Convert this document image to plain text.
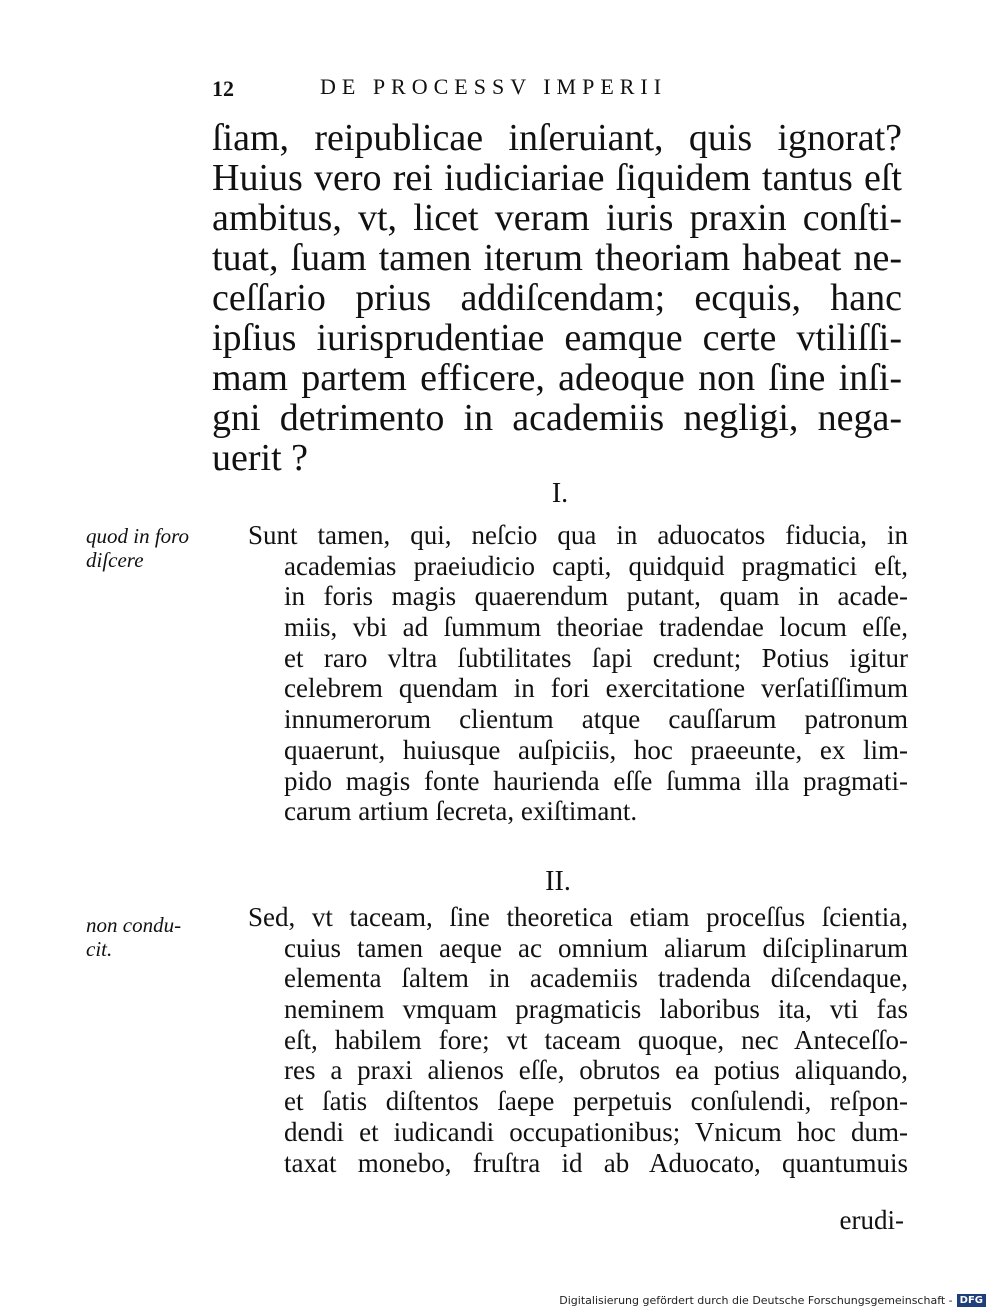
12	DE PROCESSV IMPERII
ſiam, reipublicae inſeruiant, quis ignorat?
Huius vero rei iudiciariae ſiquidem tantus eſt
ambitus, vt, licet veram iuris praxin conſti-
tuat, ſuam tamen iterum theoriam habeat ne-
ceſſario prius addiſcendam; ecquis, hanc
ipſius iurisprudentiae eamque certe vtiliſſi-
mam partem efficere, adeoque non ſine inſi-
gni detrimento in academiis negligi, nega-
uerit ?
I.
quod in foro
diſcere
Sunt tamen, qui, neſcio qua in aduocatos fiducia, in
academias praeiudicio capti, quidquid pragmatici eſt,
in foris magis quaerendum putant, quam in acade-
miis, vbi ad ſummum theoriae tradendae locum eſſe,
et raro vltra ſubtilitates ſapi credunt; Potius igitur
celebrem quendam in fori exercitatione verſatiſſimum
innumerorum clientum atque cauſſarum patronum
quaerunt, huiusque auſpiciis, hoc praeeunte, ex lim-
pido magis fonte haurienda eſſe ſumma illa pragmati-
carum artium ſecreta, exiſtimant.
II.
non condu-
cit.
Sed, vt taceam, ſine theoretica etiam proceſſus ſcientia,
cuius tamen aeque ac omnium aliarum diſciplinarum
elementa ſaltem in academiis tradenda diſcendaque,
neminem vmquam pragmaticis laboribus ita, vti fas
eſt, habilem fore; vt taceam quoque, nec Anteceſſo-
res a praxi alienos eſſe, obrutos ea potius aliquando,
et ſatis diſtentos ſaepe perpetuis conſulendi, reſpon-
dendi et iudicandi occupationibus; Vnicum hoc dum-
taxat monebo, fruſtra id ab Aduocato, quantumuis
erudi-
Digitalisierung gefördert durch die Deutsche Forschungsgemeinschaft - DFG
